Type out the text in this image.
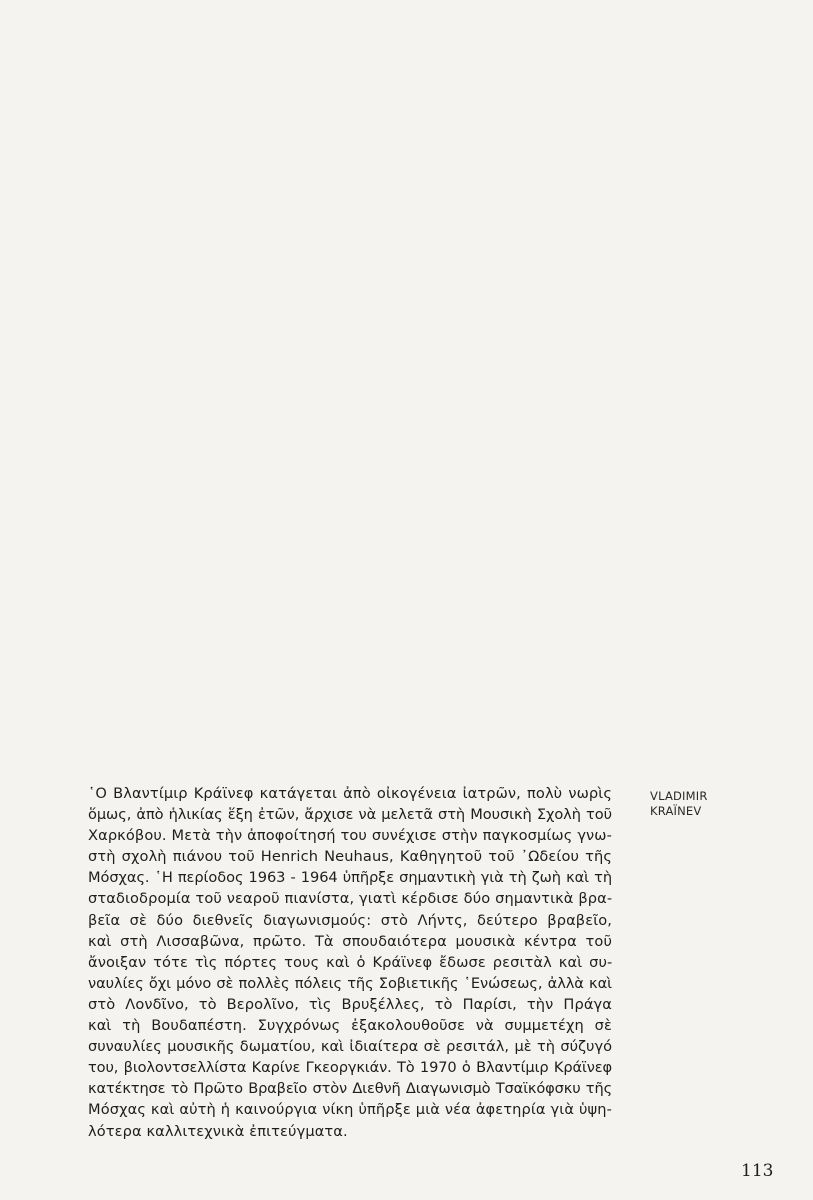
῾Ο Βλαντίμιρ Κράϊνεφ κατάγεται ἀπὸ οἰκογένεια ἰατρῶν, πολὺ νωρὶς
ὅμως, ἀπὸ ἡλικίας ἕξη ἐτῶν, ἄρχισε νὰ μελετᾶ στὴ Μουσικὴ Σχολὴ τοῦ
Χαρκόβου. Μετὰ τὴν ἀποφοίτησή του συνέχισε στὴν παγκοσμίως γνω-
στὴ σχολὴ πιάνου τοῦ Henrich Neuhaus, Καθηγητοῦ τοῦ ᾿Ωδείου τῆς
Μόσχας. ῾Η περίοδος 1963 - 1964 ὑπῆρξε σημαντικὴ γιὰ τὴ ζωὴ καὶ τὴ
σταδιοδρομία τοῦ νεαροῦ πιανίστα, γιατὶ κέρδισε δύο σημαντικὰ βρα-
βεῖα σὲ δύο διεθνεῖς διαγωνισμούς: στὸ Λήντς, δεύτερο βραβεῖο,
καὶ στὴ Λισσαβῶνα, πρῶτο. Τὰ σπουδαιότερα μουσικὰ κέντρα τοῦ
ἄνοιξαν τότε τὶς πόρτες τους καὶ ὁ Κράϊνεφ ἔδωσε ρεσιτὰλ καὶ συ-
ναυλίες ὄχι μόνο σὲ πολλὲς πόλεις τῆς Σοβιετικῆς ῾Ενώσεως, ἀλλὰ καὶ
στὸ Λονδῖνο, τὸ Βερολῖνο, τὶς Βρυξέλλες, τὸ Παρίσι, τὴν Πράγα
καὶ τὴ Βουδαπέστη. Συγχρόνως ἐξακολουθοῦσε νὰ συμμετέχη σὲ
συναυλίες μουσικῆς δωματίου, καὶ ἰδιαίτερα σὲ ρεσιτάλ, μὲ τὴ σύζυγό
του, βιολοντσελλίστα Καρίνε Γκεοργκιάν. Τὸ 1970 ὁ Βλαντίμιρ Κράϊνεφ
κατέκτησε τὸ Πρῶτο Βραβεῖο στὸν Διεθνῆ Διαγωνισμὸ Τσαϊκόφσκυ τῆς
Μόσχας καὶ αὐτὴ ἡ καινούργια νίκη ὑπῆρξε μιὰ νέα ἀφετηρία γιὰ ὑψη-
λότερα καλλιτεχνικὰ ἐπιτεύγματα.
VLADIMIR
KRAÏNEV
113
